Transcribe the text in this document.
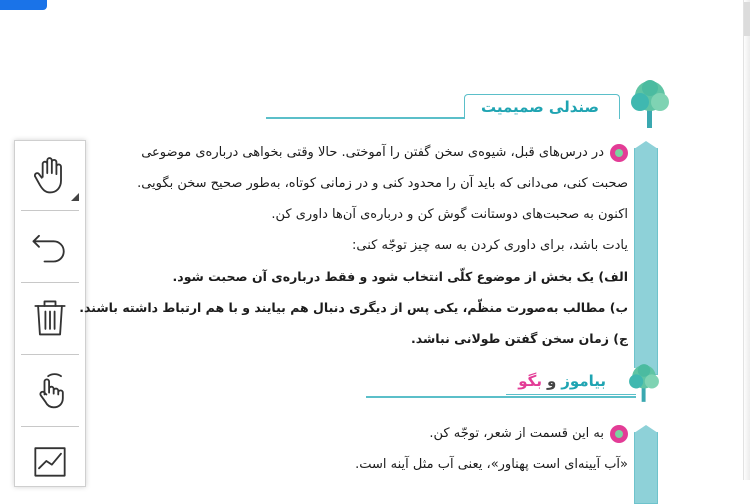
صندلی صمیمیت
در درس‌های قبل، شیوه‌ی سخن گفتن را آموختی. حالا وقتی بخواهی درباره‌ی موضوعی
صحبت کنی، می‌دانی که باید آن را محدود کنی و در زمانی کوتاه، به‌طور صحیح سخن بگویی.
اکنون به صحبت‌های دوستانت گوش کن و درباره‌ی آن‌ها داوری کن.
یادت باشد، برای داوری کردن به سه چیز توجّه کنی:
الف) یک بخش از موضوع کلّی انتخاب شود و فقط درباره‌ی آن صحبت شود.
ب) مطالب به‌صورت منظّم، یکی پس از دیگری دنبال هم بیایند و با هم ارتباط داشته باشند.
ج) زمان سخن گفتن طولانی نباشد.
بیاموزوبگو
به این قسمت از شعر، توجّه کن.
«آب آیینه‌ای است پهناور»، یعنی آب مثل آینه است.
